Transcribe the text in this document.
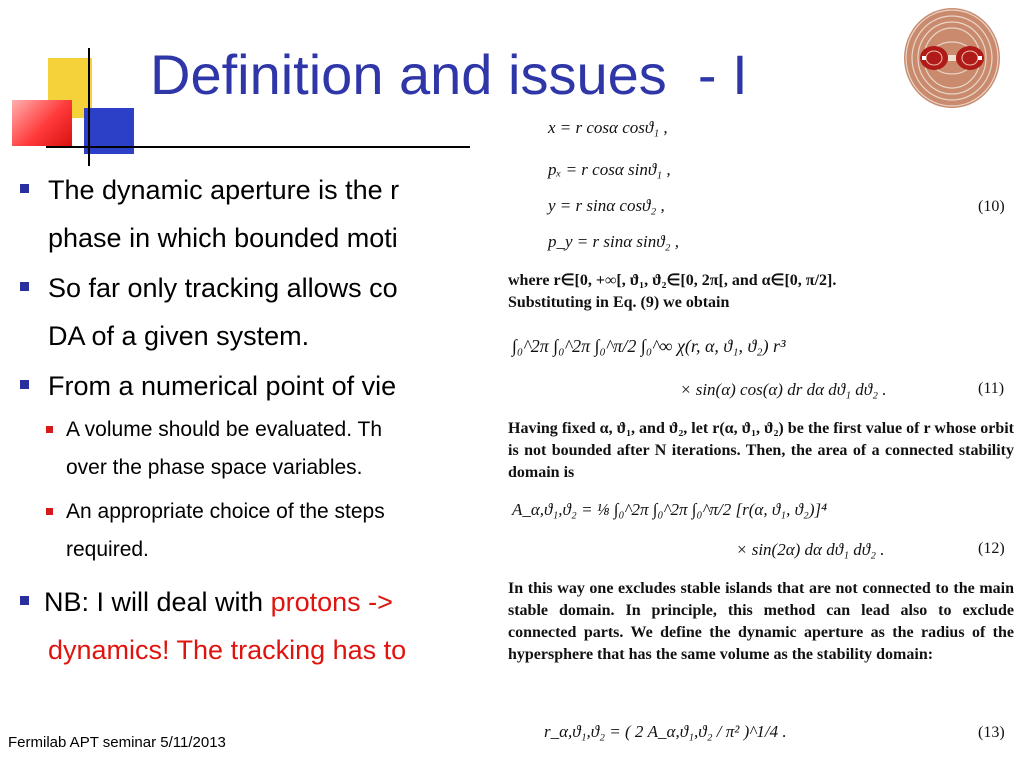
Definition and issues  - I
The dynamic aperture is the r
phase in which bounded moti
So far only tracking allows co
DA of a given system.
From a numerical point of vie
A volume should be evaluated. Th
over the phase space variables.
An appropriate choice of the steps
required.
NB: I will deal with protons ->
dynamics! The tracking has to
Fermilab APT seminar 5/11/2013
x = r cosα cosϑ₁ ,
pₓ = r cosα sinϑ₁ ,
y = r sinα cosϑ₂ ,	(10)
p_y = r sinα sinϑ₂ ,
where r∈[0, +∞[, ϑ₁, ϑ₂∈[0, 2π[, and α∈[0, π/2].
Substituting in Eq. (9) we obtain
∫₀^2π ∫₀^2π ∫₀^π/2 ∫₀^∞ χ(r, α, ϑ₁, ϑ₂) r³
× sin(α) cos(α) dr dα dϑ₁ dϑ₂ .	(11)
Having fixed α, ϑ₁, and ϑ₂, let r(α, ϑ₁, ϑ₂) be the first value of r whose orbit is not bounded after N iterations. Then, the area of a connected stability domain is
A_α,ϑ₁,ϑ₂ = ⅛ ∫₀^2π ∫₀^2π ∫₀^π/2 [r(α, ϑ₁, ϑ₂)]⁴
× sin(2α) dα dϑ₁ dϑ₂ .	(12)
In this way one excludes stable islands that are not connected to the main stable domain. In principle, this method can lead also to exclude connected parts. We define the dynamic aperture as the radius of the hypersphere that has the same volume as the stability domain:
r_α,ϑ₁,ϑ₂ = ( 2 A_α,ϑ₁,ϑ₂ / π² )^1/4 .	(13)
